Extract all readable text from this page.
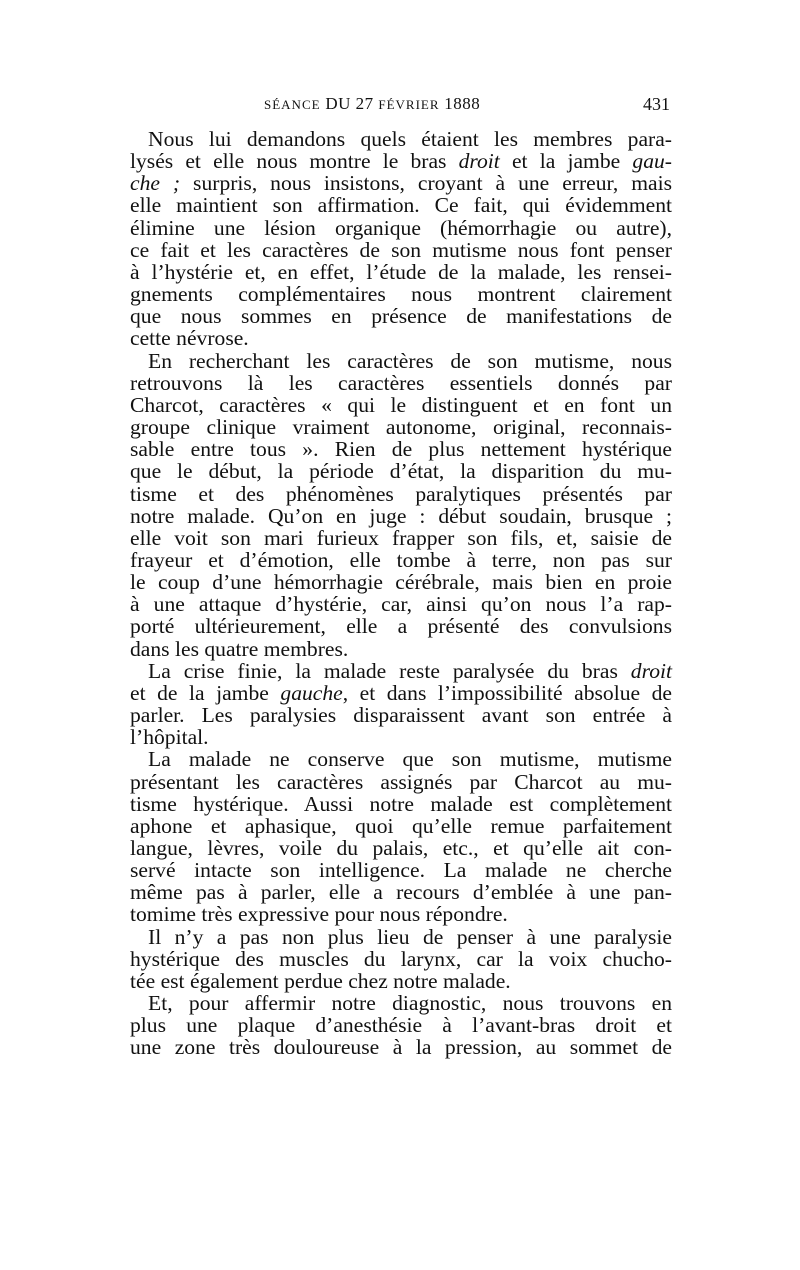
SÉANCE DU 27 FÉVRIER 1888	431

Nous lui demandons quels étaient les membres para-
lysés et elle nous montre le bras droit et la jambe gau-
che ; surpris, nous insistons, croyant à une erreur, mais
elle maintient son affirmation. Ce fait, qui évidemment
élimine une lésion organique (hémorrhagie ou autre),
ce fait et les caractères de son mutisme nous font penser
à l’hystérie et, en effet, l’étude de la malade, les rensei-
gnements complémentaires nous montrent clairement
que nous sommes en présence de manifestations de
cette névrose.

En recherchant les caractères de son mutisme, nous
retrouvons là les caractères essentiels donnés par
Charcot, caractères « qui le distinguent et en font un
groupe clinique vraiment autonome, original, reconnais-
sable entre tous ». Rien de plus nettement hystérique
que le début, la période d’état, la disparition du mu-
tisme et des phénomènes paralytiques présentés par
notre malade. Qu’on en juge : début soudain, brusque ;
elle voit son mari furieux frapper son fils, et, saisie de
frayeur et d’émotion, elle tombe à terre, non pas sur
le coup d’une hémorrhagie cérébrale, mais bien en proie
à une attaque d’hystérie, car, ainsi qu’on nous l’a rap-
porté ultérieurement, elle a présenté des convulsions
dans les quatre membres.

La crise finie, la malade reste paralysée du bras droit
et de la jambe gauche, et dans l’impossibilité absolue de
parler. Les paralysies disparaissent avant son entrée à
l’hôpital.

La malade ne conserve que son mutisme, mutisme
présentant les caractères assignés par Charcot au mu-
tisme hystérique. Aussi notre malade est complètement
aphone et aphasique, quoi qu’elle remue parfaitement
langue, lèvres, voile du palais, etc., et qu’elle ait con-
servé intacte son intelligence. La malade ne cherche
même pas à parler, elle a recours d’emblée à une pan-
tomime très expressive pour nous répondre.

Il n’y a pas non plus lieu de penser à une paralysie
hystérique des muscles du larynx, car la voix chucho-
tée est également perdue chez notre malade.

Et, pour affermir notre diagnostic, nous trouvons en
plus une plaque d’anesthésie à l’avant-bras droit et
une zone très douloureuse à la pression, au sommet de
